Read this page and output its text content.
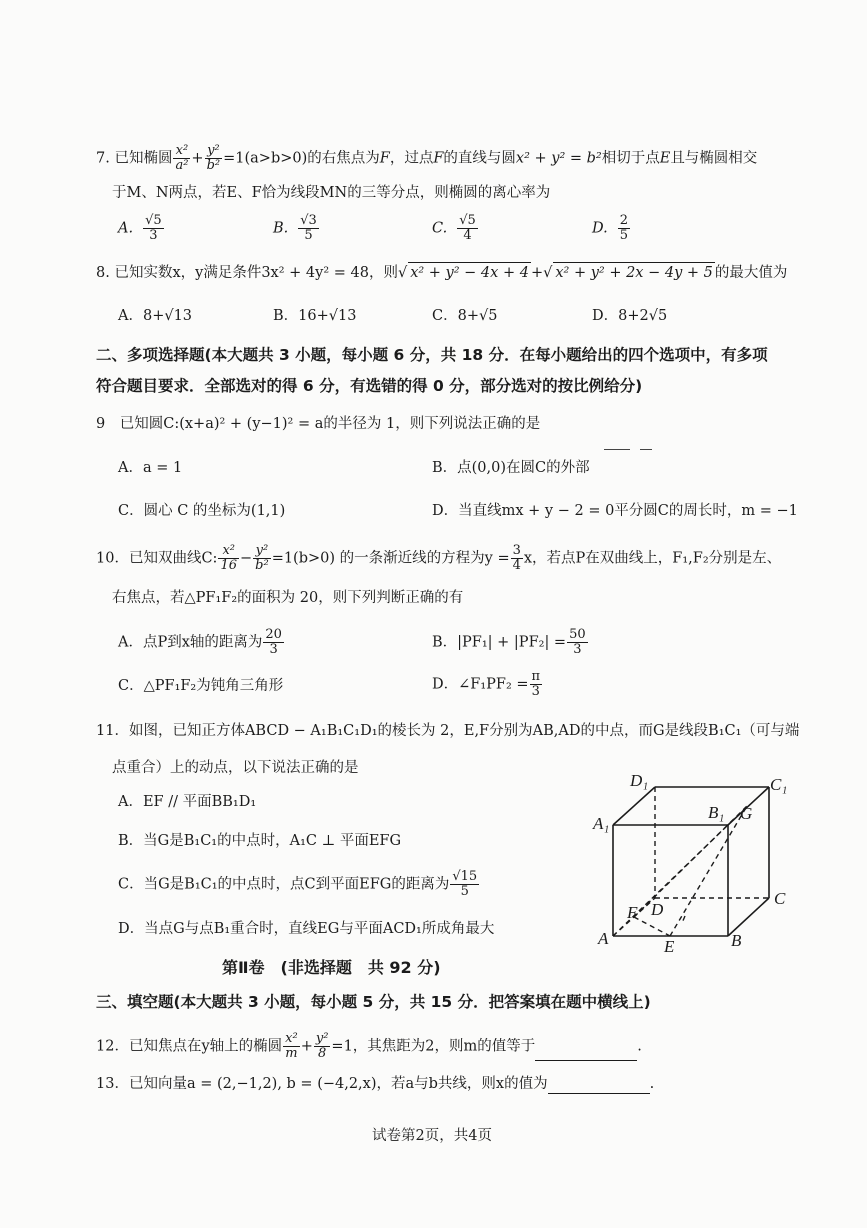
7. 已知椭圆 $\frac{\text{x²}}{\text{a²}} + \frac{\text{y²}}{\text{b²}} =1(a>b>0)$的右焦点为F，过点F的直线与圆x² + y² = b²相切于点E且与椭圆相交
于M、N两点，若E、F恰为线段MN的三等分点，则椭圆的离心率为
A. $\frac{√5}{3}$	B. $\frac{√3}{5}$	C. $\frac{√5}{4}$	D. $\frac{2}{5}$
8. 已知实数x，y满足条件3x² + 4y² = 48，则√ x² + y² − 4x + 4 +√ x² + y² + 2x − 4y + 5 的最大值为
A．8+√13	B．16+√13	C．8+√5	D．8+2√5
二、多项选择题(本大题共 3 小题，每小题 6 分，共 18 分．在每小题给出的四个选项中，有多项
符合题目要求．全部选对的得 6 分，有选错的得 0 分，部分选对的按比例给分)
9　已知圆C:(x+a)² + (y−1)² = a的半径为 1，则下列说法正确的是
A．a = 1	B．点(0,0)在圆C的外部
C．圆心 C 的坐标为(1,1)	D．当直线mx + y − 2 = 0平分圆C的周长时，m = −1
10．已知双曲线C: $\frac{\text{x²}}{16} - \frac{\text{y²}}{\text{b²}} =1(b>0)$ 的一条渐近线的方程为$y = \frac{3}{4}$ x，若点P在双曲线上，F₁,F₂分别是左、
右焦点，若△PF₁F₂的面积为 20，则下列判断正确的有
A．点P到x轴的距离为 $\frac{20}{3}$	B．$|PF_1| + |PF_2| = \frac{50}{3}$
C．△PF₁F₂为钝角三角形	D．∠F₁PF₂ = $\frac{\pi}{3}$
11．如图，已知正方体ABCD − A₁B₁C₁D₁的棱长为 2，E,F分别为AB,AD的中点，而G是线段B₁C₁（可与端
点重合）上的动点，以下说法正确的是
A．EF // 平面BB₁D₁
B．当G是B₁C₁的中点时，A₁C ⊥ 平面EFG
C．当G是B₁C₁的中点时，点C到平面EFG的距离为 $\frac{√15}{5}$
D．当点G与点B₁重合时，直线EG与平面ACD₁所成角最大
D₁	C₁
A₁
B₁ G
C
F D
A	E	B
第Ⅱ卷　(非选择题　共 92 分)
三、填空题(本大题共 3 小题，每小题 5 分，共 15 分．把答案填在题中横线上)
12．已知焦点在y轴上的椭圆 $\frac{\text{x²}}{m} + \frac{\text{y²}}{8} =1$，其焦距为2，则m的值等于	.
13．已知向量a = (2,−1,2), b = (−4,2,x)，若a与b共线，则x的值为	.
试卷第2页，共4页
